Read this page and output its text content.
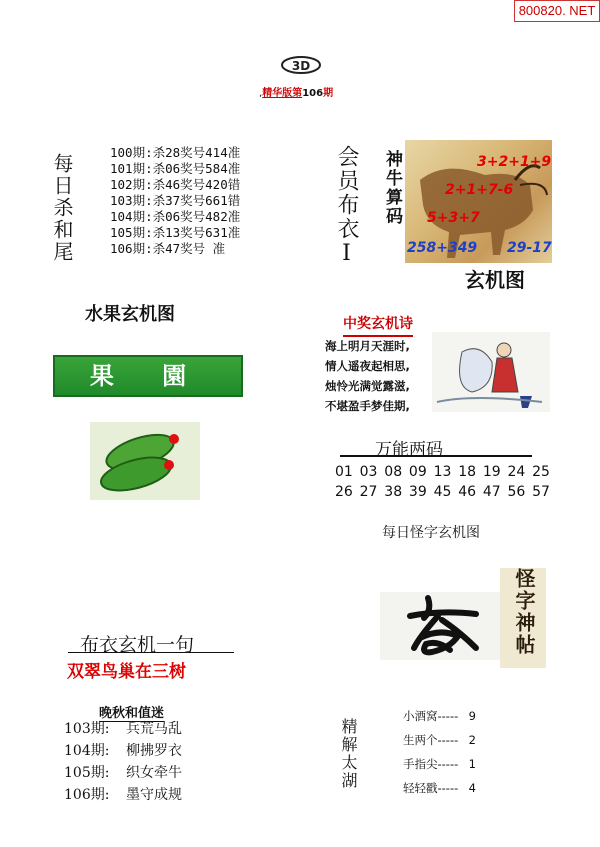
800820. NET
3D
,精华版第106期
每日杀和尾
100期:杀28奖号414准
101期:杀06奖号584准
102期:杀46奖号420错
103期:杀37奖号661错
104期:杀06奖号482准
105期:杀13奖号631准
106期:杀47奖号 准	会员布衣I 神牛算码	3+2+1+9
2+1+7-6
5+3+7
258+349 29-17
玄机图
水果玄机图
果 園
中奖玄机诗
海上明月天涯时,
情人遥夜起相思,
烛怜光满觉露滋,
不堪盈手梦佳期,
万能两码
01 03 08 09 13 18 19 24 25
26 27 38 39 45 46 47 56 57
每日怪字玄机图
怪字神帖
布衣玄机一句
双翠鸟巢在三树
晚秋和值迷
103期: 兵荒马乱
104期: 柳拂罗衣
105期: 织女牵牛
106期: 墨守成规
精解太湖
小酒窝----- 9
生两个----- 2
手指尖----- 1
轻轻戳----- 4
